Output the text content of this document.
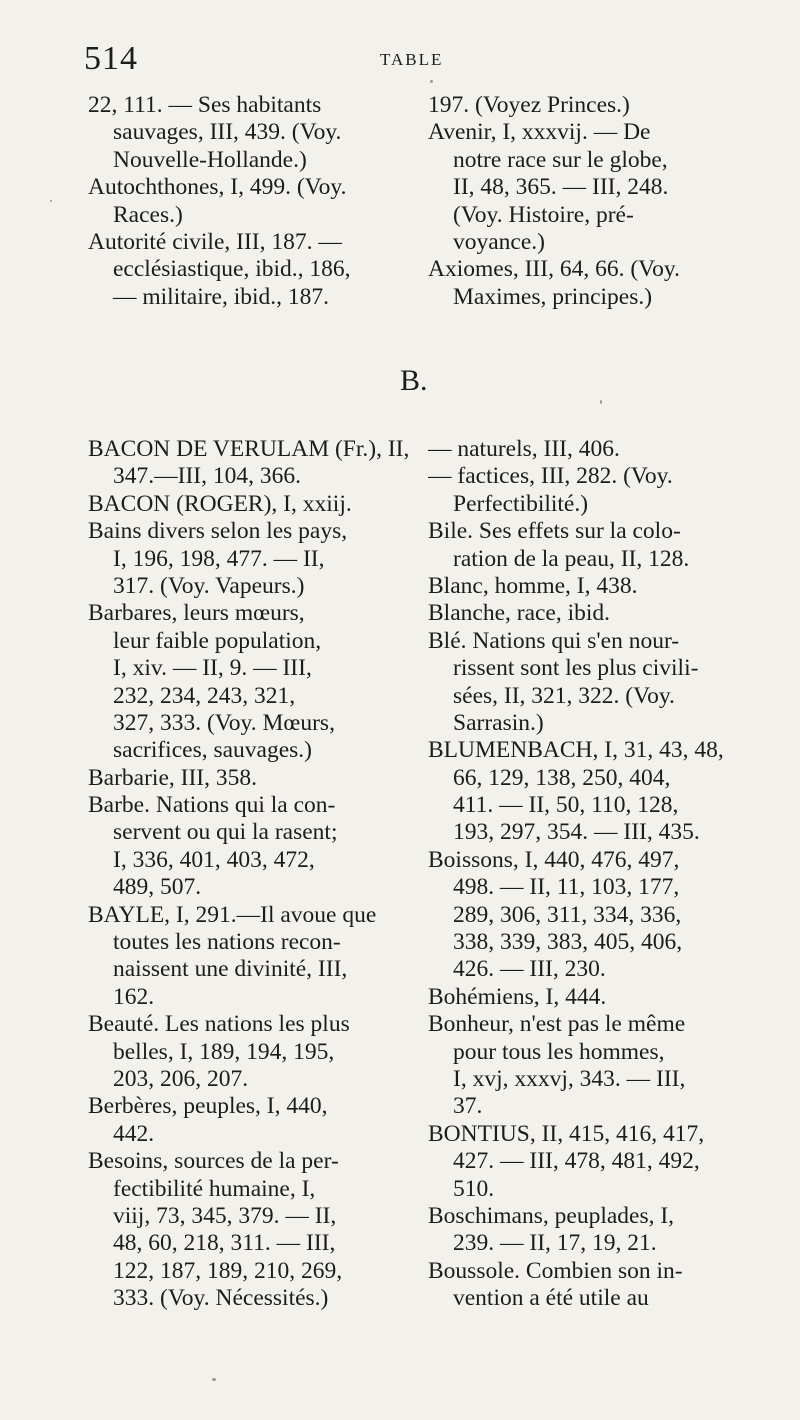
514	TABLE
22, 111. — Ses habitants
sauvages, III, 439. (Voy.
Nouvelle-Hollande.)
Autochthones, I, 499. (Voy.
Races.)
Autorité civile, III, 187. —
ecclésiastique, ibid., 186,
— militaire, ibid., 187.
197. (Voyez Princes.)
Avenir, I, xxxvij. — De
notre race sur le globe,
II, 48, 365. — III, 248.
(Voy. Histoire, pré-
voyance.)
Axiomes, III, 64, 66. (Voy.
Maximes, principes.)
B.
BACON DE VERULAM (Fr.), II,
347.—III, 104, 366.
BACON (ROGER), I, xxiij.
Bains divers selon les pays,
I, 196, 198, 477. — II,
317. (Voy. Vapeurs.)
Barbares, leurs mœurs,
leur faible population,
I, xiv. — II, 9. — III,
232, 234, 243, 321,
327, 333. (Voy. Mœurs,
sacrifices, sauvages.)
Barbarie, III, 358.
Barbe. Nations qui la con-
servent ou qui la rasent;
I, 336, 401, 403, 472,
489, 507.
BAYLE, I, 291.—Il avoue que
toutes les nations recon-
naissent une divinité, III,
162.
Beauté. Les nations les plus
belles, I, 189, 194, 195,
203, 206, 207.
Berbères, peuples, I, 440,
442.
Besoins, sources de la per-
fectibilité humaine, I,
viij, 73, 345, 379. — II,
48, 60, 218, 311. — III,
122, 187, 189, 210, 269,
333. (Voy. Nécessités.)
— naturels, III, 406.
— factices, III, 282. (Voy.
Perfectibilité.)
Bile. Ses effets sur la colo-
ration de la peau, II, 128.
Blanc, homme, I, 438.
Blanche, race, ibid.
Blé. Nations qui s'en nour-
rissent sont les plus civili-
sées, II, 321, 322. (Voy.
Sarrasin.)
BLUMENBACH, I, 31, 43, 48,
66, 129, 138, 250, 404,
411. — II, 50, 110, 128,
193, 297, 354. — III, 435.
Boissons, I, 440, 476, 497,
498. — II, 11, 103, 177,
289, 306, 311, 334, 336,
338, 339, 383, 405, 406,
426. — III, 230.
Bohémiens, I, 444.
Bonheur, n'est pas le même
pour tous les hommes,
I, xvj, xxxvj, 343. — III,
37.
BONTIUS, II, 415, 416, 417,
427. — III, 478, 481, 492,
510.
Boschimans, peuplades, I,
239. — II, 17, 19, 21.
Boussole. Combien son in-
vention a été utile au
